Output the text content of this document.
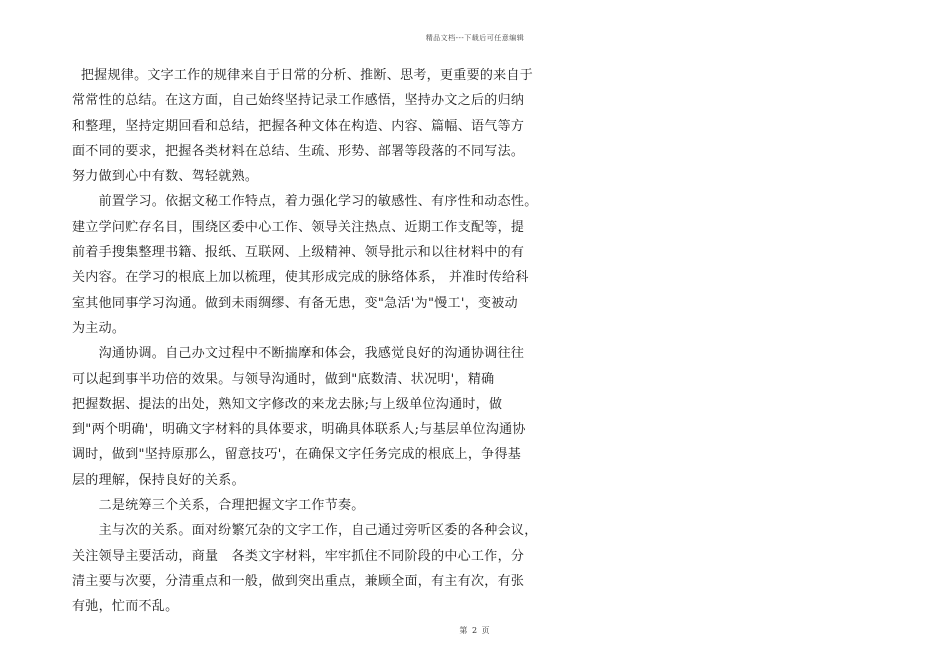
精品文档---下载后可任意编辑
把握规律。文字工作的规律来自于日常的分析、推断、思考，更重要的来自于
常常性的总结。在这方面，自己始终坚持记录工作感悟，坚持办文之后的归纳
和整理，坚持定期回看和总结，把握各种文体在构造、内容、篇幅、语气等方
面不同的要求，把握各类材料在总结、生疏、形势、部署等段落的不同写法。
努力做到心中有数、驾轻就熟。
前置学习。依据文秘工作特点，着力强化学习的敏感性、有序性和动态性。
建立学问贮存名目，围绕区委中心工作、领导关注热点、近期工作支配等，提
前着手搜集整理书籍、报纸、互联网、上级精神、领导批示和以往材料中的有
关内容。在学习的根底上加以梳理，使其形成完成的脉络体系， 并准时传给科
室其他同事学习沟通。做到未雨绸缪、有备无患，变"急活'为"慢工'，变被动
为主动。
沟通协调。自己办文过程中不断揣摩和体会，我感觉良好的沟通协调往往
可以起到事半功倍的效果。与领导沟通时，做到"底数清、状况明'，精确
把握数据、提法的出处，熟知文字修改的来龙去脉;与上级单位沟通时，做
到"两个明确'，明确文字材料的具体要求，明确具体联系人;与基层单位沟通协
调时，做到"坚持原那么，留意技巧'，在确保文字任务完成的根底上，争得基
层的理解，保持良好的关系。
二是统筹三个关系，合理把握文字工作节奏。
主与次的关系。面对纷繁冗杂的文字工作，自己通过旁听区委的各种会议，
关注领导主要活动，商量   各类文字材料，牢牢抓住不同阶段的中心工作，分
清主要与次要，分清重点和一般，做到突出重点，兼顾全面，有主有次，有张
有弛，忙而不乱。
第 2 页
